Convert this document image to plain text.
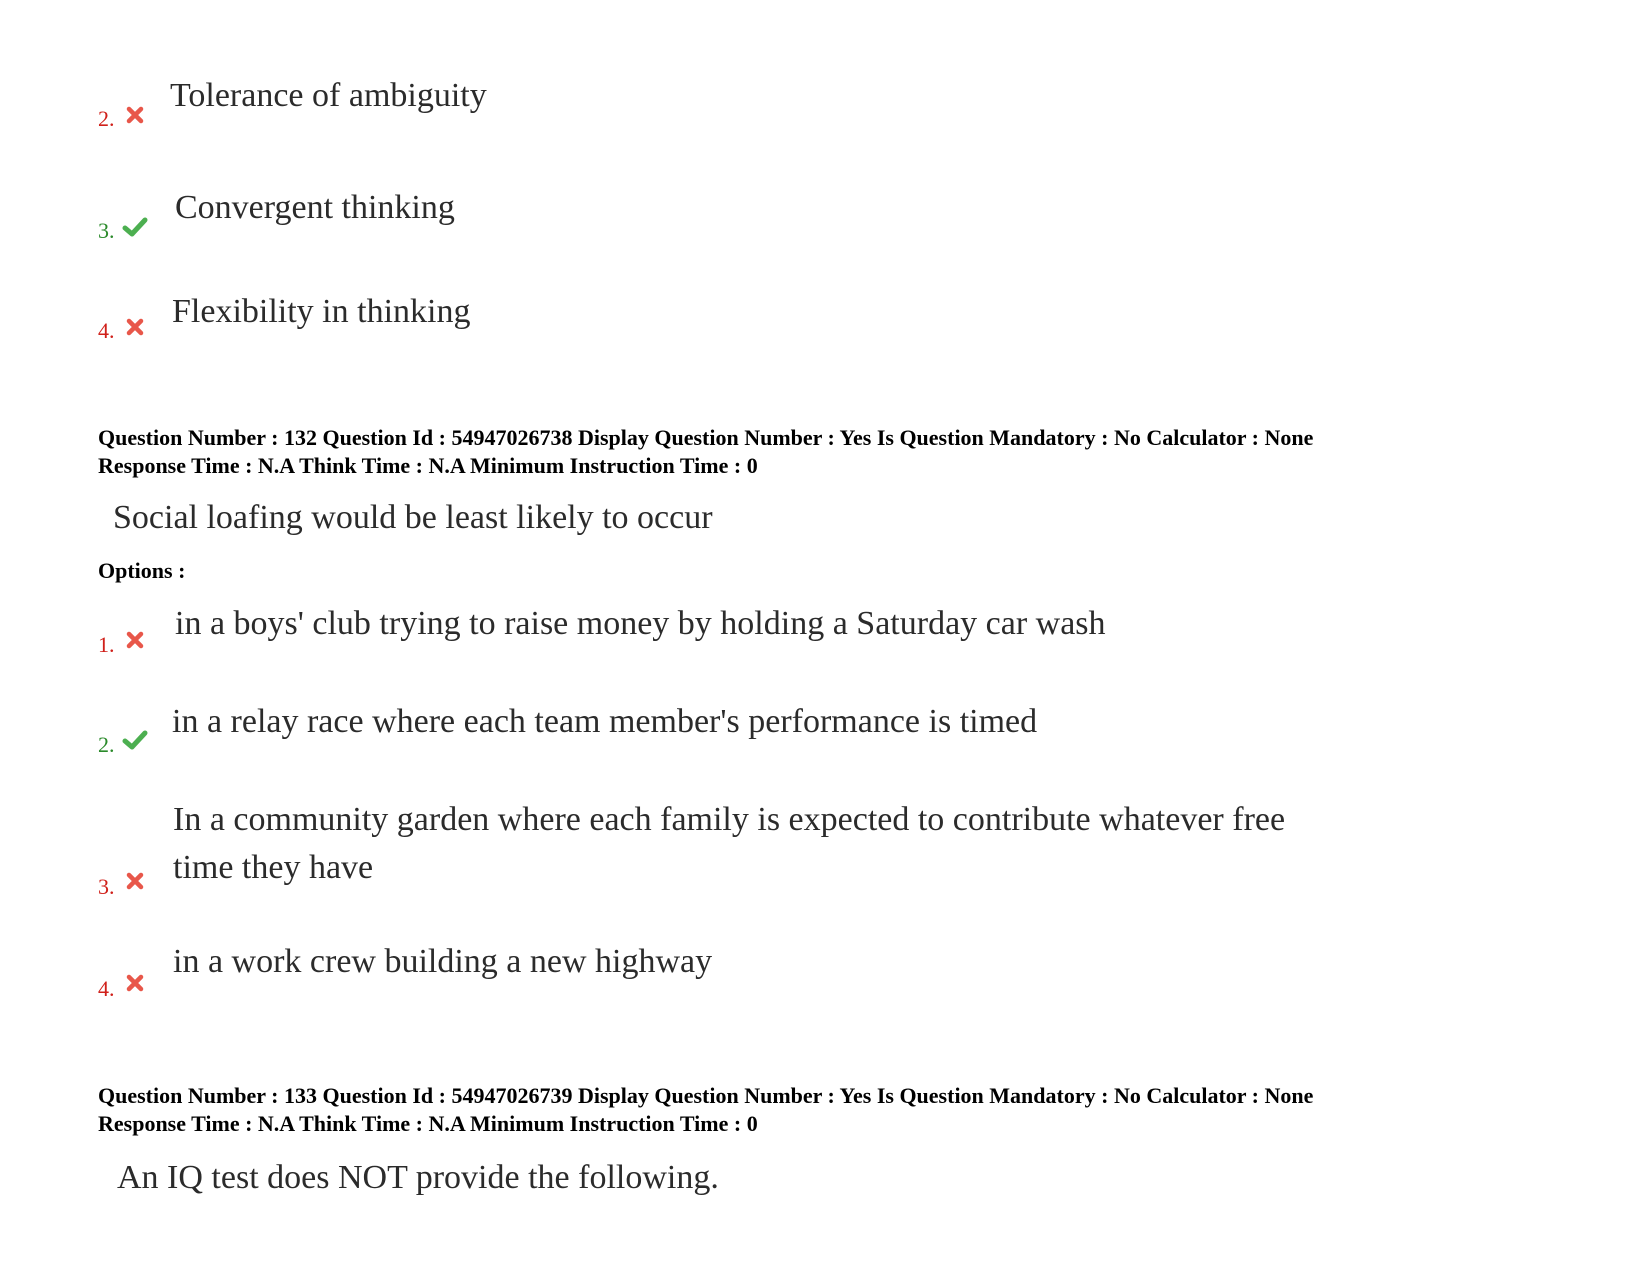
2.
Tolerance of ambiguity
3.
Convergent thinking
4.
Flexibility in thinking
Question Number : 132 Question Id : 54947026738 Display Question Number : Yes Is Question Mandatory : No Calculator : None
Response Time : N.A Think Time : N.A Minimum Instruction Time : 0
Social loafing would be least likely to occur
Options :
1.
in a boys' club trying to raise money by holding a Saturday car wash
2.
in a relay race where each team member's performance is timed
3.
In a community garden where each family is expected to contribute whatever free time they have
4.
in a work crew building a new highway
Question Number : 133 Question Id : 54947026739 Display Question Number : Yes Is Question Mandatory : No Calculator : None
Response Time : N.A Think Time : N.A Minimum Instruction Time : 0
An IQ test does NOT provide the following.
